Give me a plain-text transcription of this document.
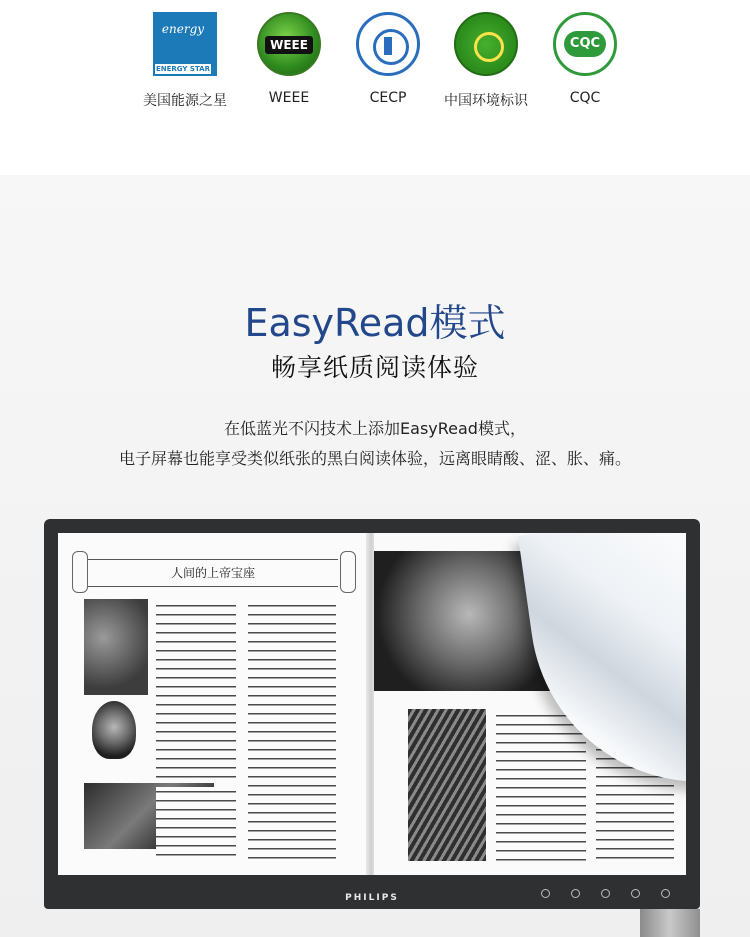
energy
ENERGY STAR
美国能源之星
WEEE
WEEE	CECP	中国环境标识
CQC
CQC
EasyRead模式
畅享纸质阅读体验
在低蓝光不闪技术上添加EasyRead模式，
电子屏幕也能享受类似纸张的黑白阅读体验，远离眼睛酸、涩、胀、痛。
人间的上帝宝座
PHILIPS
